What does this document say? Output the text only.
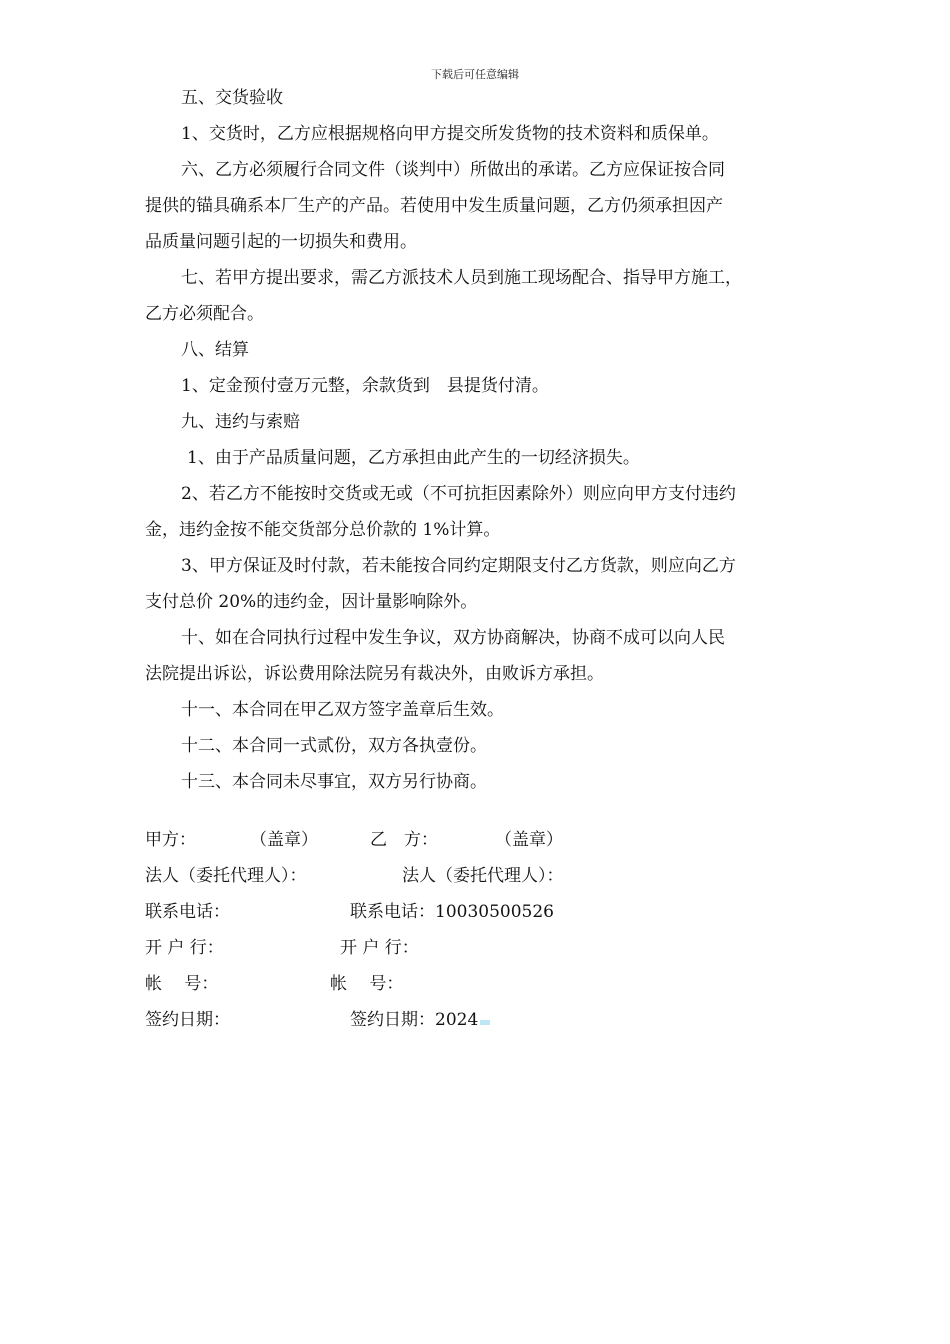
下载后可任意编辑

五、交货验收

1、交货时，乙方应根据规格向甲方提交所发货物的技术资料和质保单。

六、乙方必须履行合同文件（谈判中）所做出的承诺。乙方应保证按合同

提供的锚具确系本厂生产的产品。若使用中发生质量问题，乙方仍须承担因产

品质量问题引起的一切损失和费用。

七、若甲方提出要求，需乙方派技术人员到施工现场配合、指导甲方施工，

乙方必须配合。

八、结算

1、定金预付壹万元整，余款货到　县提货付清。

九、违约与索赔

1、由于产品质量问题，乙方承担由此产生的一切经济损失。

2、若乙方不能按时交货或无或（不可抗拒因素除外）则应向甲方支付违约

金，违约金按不能交货部分总价款的 1%计算。

3、甲方保证及时付款，若未能按合同约定期限支付乙方货款，则应向乙方

支付总价 20%的违约金，因计量影响除外。

十、如在合同执行过程中发生争议，双方协商解决，协商不成可以向人民

法院提出诉讼，诉讼费用除法院另有裁决外，由败诉方承担。

十一、本合同在甲乙双方签字盖章后生效。

十二、本合同一式贰份，双方各执壹份。

十三、本合同未尽事宜，双方另行协商。

甲方：	（盖章）	乙　方：	（盖章）
法人（委托代理人）：	法人（委托代理人）：
联系电话：	联系电话：10030500526
开 户 行：	开 户 行：
帐　 号：	帐　 号：
签约日期：	签约日期：2024
